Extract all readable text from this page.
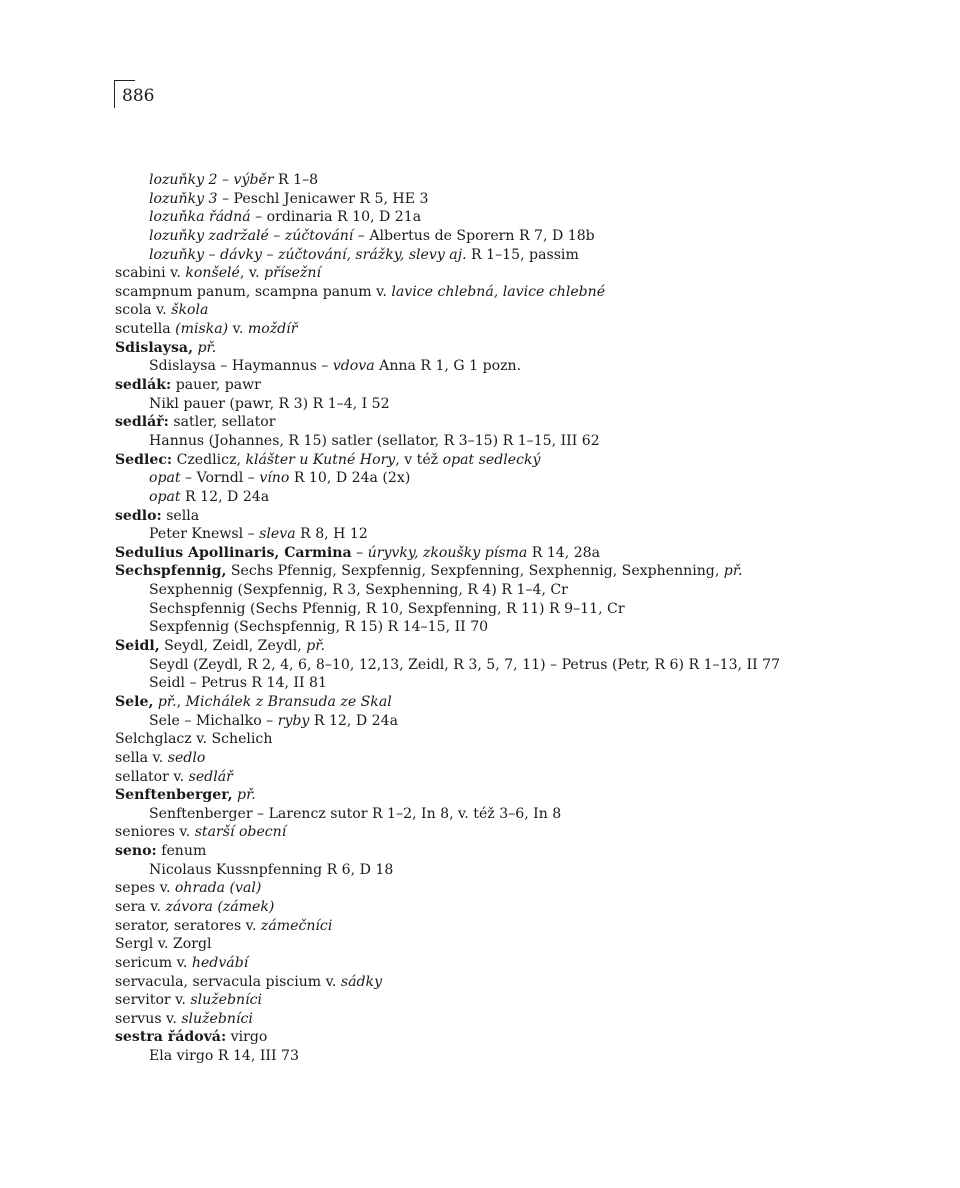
886
lozuňky 2 – výběr R 1–8
lozuňky 3 – Peschl Jenicawer R 5, HE 3
lozuňka řádná – ordinaria R 10, D 21a
lozuňky zadržalé – zúčtování – Albertus de Sporern R 7, D 18b
lozuňky – dávky – zúčtování, srážky, slevy aj. R 1–15, passim
scabini v. konšelé, v. přísežní
scampnum panum, scampna panum v. lavice chlebná, lavice chlebné
scola v. škola
scutella (miska) v. moždíř
Sdislaysa, př.
Sdislaysa – Haymannus – vdova Anna R 1, G 1 pozn.
sedlák: pauer, pawr
Nikl pauer (pawr, R 3) R 1–4, I 52
sedlář: satler, sellator
Hannus (Johannes, R 15) satler (sellator, R 3–15) R 1–15, III 62
Sedlec: Czedlicz, klášter u Kutné Hory, v též opat sedlecký
opat – Vorndl – víno R 10, D 24a (2x)
opat R 12, D 24a
sedlo: sella
Peter Knewsl – sleva R 8, H 12
Sedulius Apollinaris, Carmina – úryvky, zkoušky písma R 14, 28a
Sechspfennig, Sechs Pfennig, Sexpfennig, Sexpfenning, Sexphennig, Sexphenning, př.
Sexphennig (Sexpfennig, R 3, Sexphenning, R 4) R 1–4, Cr
Sechspfennig (Sechs Pfennig, R 10, Sexpfenning, R 11) R 9–11, Cr
Sexpfennig (Sechspfennig, R 15) R 14–15, II 70
Seidl, Seydl, Zeidl, Zeydl, př.
Seydl (Zeydl, R 2, 4, 6, 8–10, 12,13, Zeidl, R 3, 5, 7, 11) – Petrus (Petr, R 6) R 1–13, II 77
Seidl – Petrus R 14, II 81
Sele, př., Michálek z Bransuda ze Skal
Sele – Michalko – ryby R 12, D 24a
Selchglacz v. Schelich
sella v. sedlo
sellator v. sedlář
Senftenberger, př.
Senftenberger – Larencz sutor R 1–2, In 8, v. též 3–6, In 8
seniores v. starší obecní
seno: fenum
Nicolaus Kussnpfenning R 6, D 18
sepes v. ohrada (val)
sera v. závora (zámek)
serator, seratores v. zámečníci
Sergl v. Zorgl
sericum v. hedvábí
servacula, servacula piscium v. sádky
servitor v. služebníci
servus v. služebníci
sestra řádová: virgo
Ela virgo R 14, III 73
